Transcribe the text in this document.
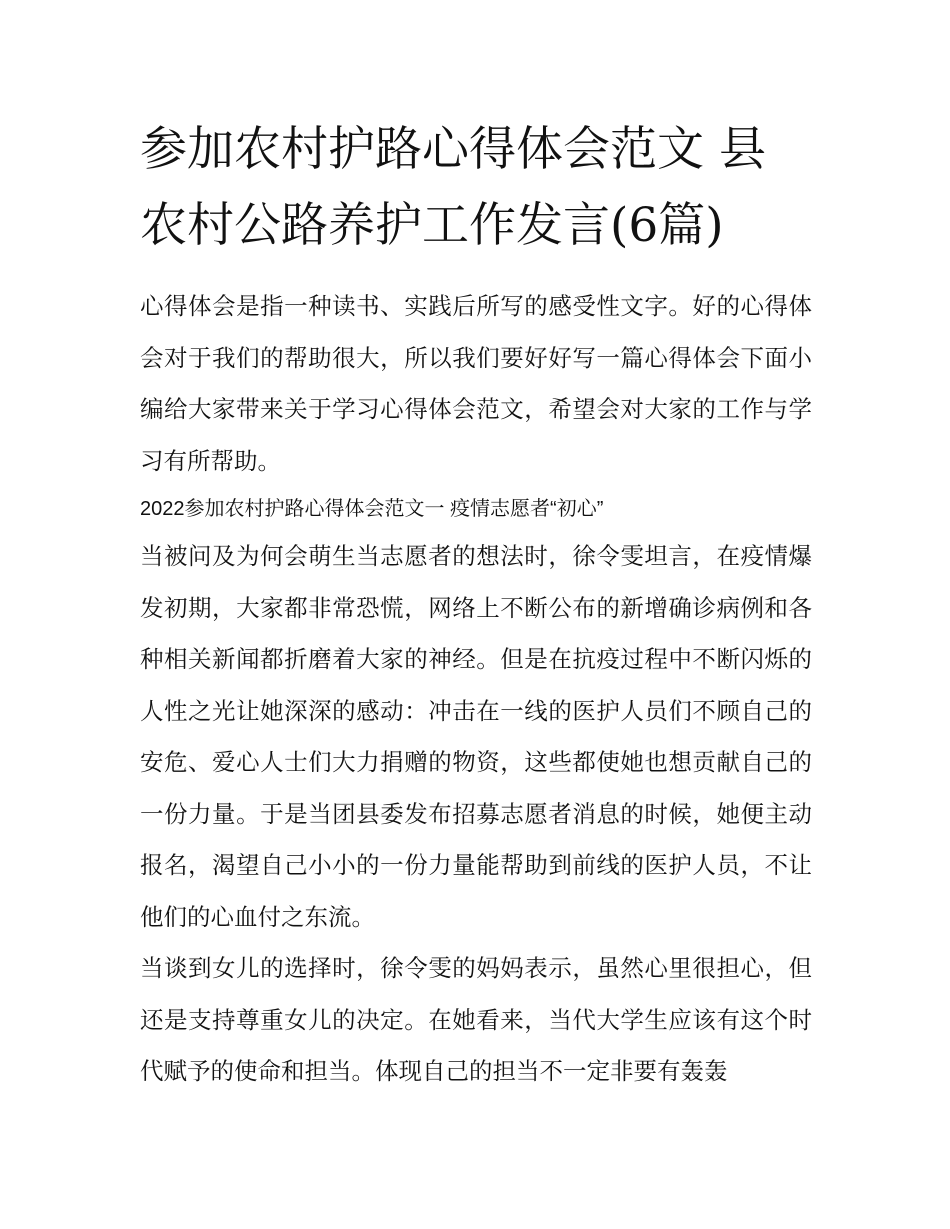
参加农村护路心得体会范文 县农村公路养护工作发言(6篇)

心得体会是指一种读书、实践后所写的感受性文字。好的心得体会对于我们的帮助很大，所以我们要好好写一篇心得体会下面小编给大家带来关于学习心得体会范文，希望会对大家的工作与学习有所帮助。

2022参加农村护路心得体会范文一 疫情志愿者“初心”

当被问及为何会萌生当志愿者的想法时，徐令雯坦言，在疫情爆发初期，大家都非常恐慌，网络上不断公布的新增确诊病例和各种相关新闻都折磨着大家的神经。但是在抗疫过程中不断闪烁的人性之光让她深深的感动：冲击在一线的医护人员们不顾自己的安危、爱心人士们大力捐赠的物资，这些都使她也想贡献自己的一份力量。于是当团县委发布招募志愿者消息的时候，她便主动报名，渴望自己小小的一份力量能帮助到前线的医护人员，不让他们的心血付之东流。

当谈到女儿的选择时，徐令雯的妈妈表示，虽然心里很担心，但还是支持尊重女儿的决定。在她看来，当代大学生应该有这个时代赋予的使命和担当。体现自己的担当不一定非要有轰轰
